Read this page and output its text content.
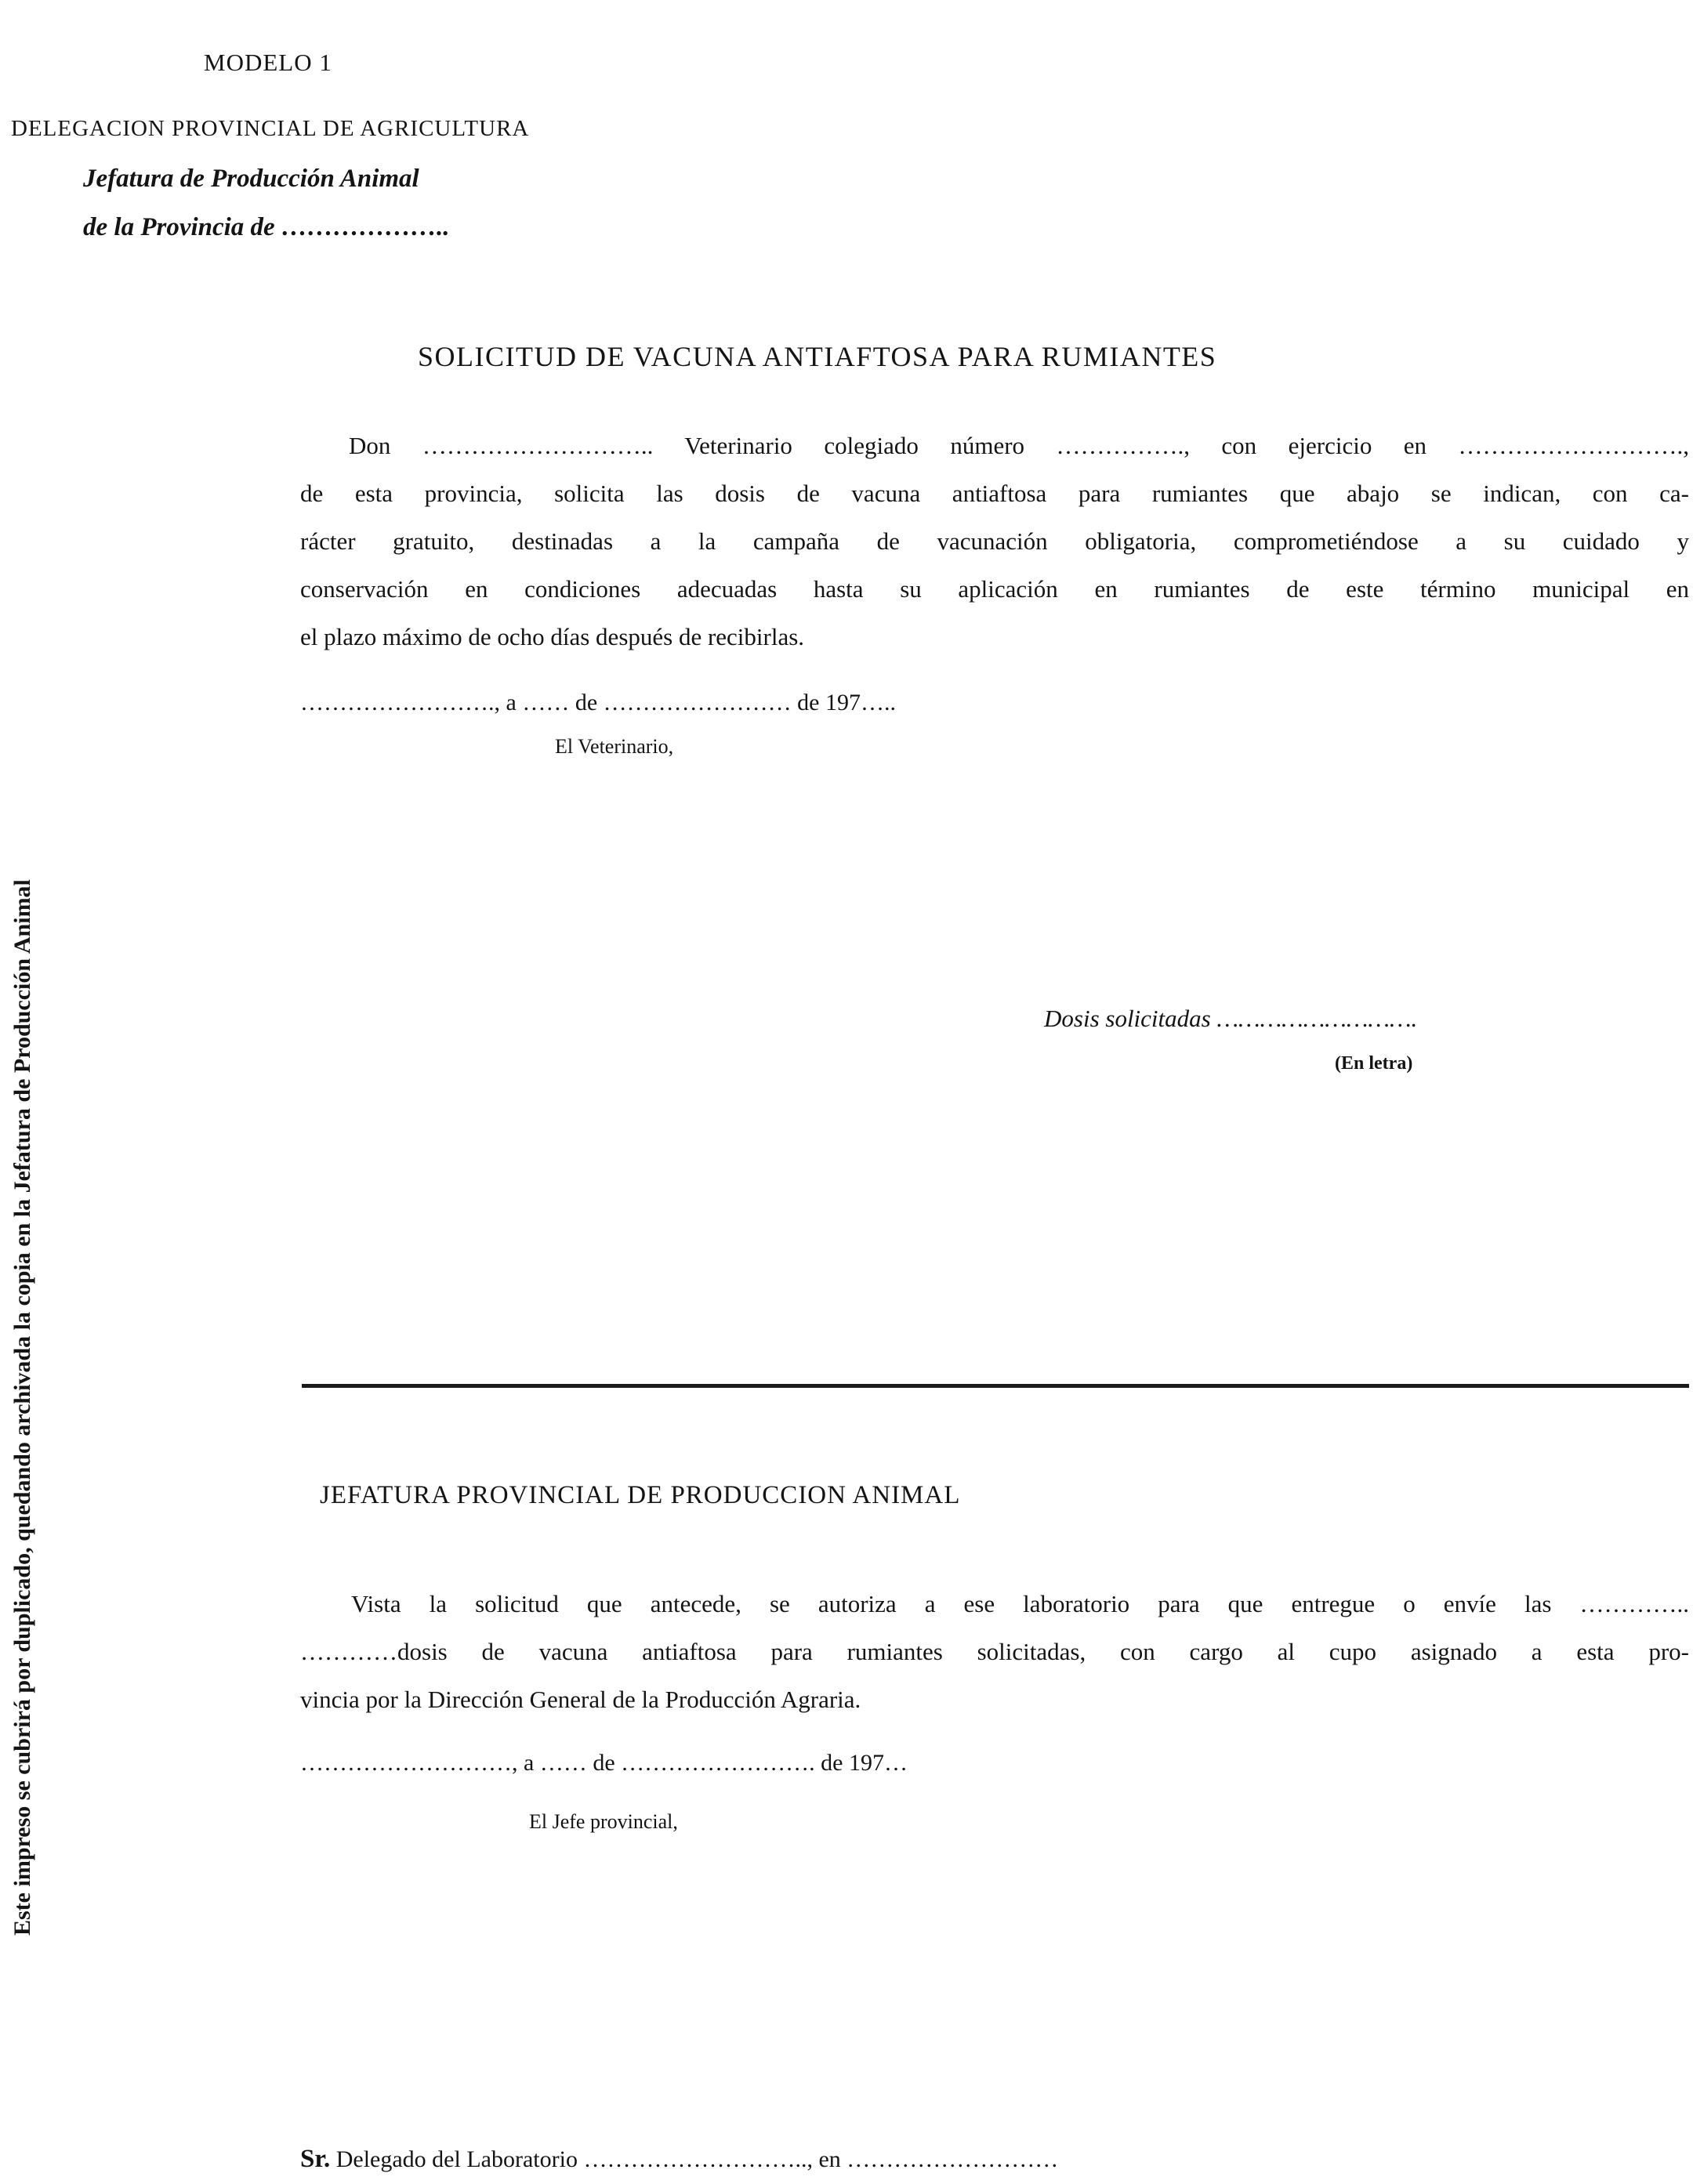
Este impreso se cubrirá por duplicado, quedando archivada la copia en la Jefatura de Producción Animal
MODELO 1
DELEGACION PROVINCIAL DE AGRICULTURA
Jefatura de Producción Animal
de la Provincia de ………………..
SOLICITUD DE VACUNA ANTIAFTOSA PARA RUMIANTES
Don ……………………….. Veterinario colegiado número ……………., con ejercicio en ……………………….,
de esta provincia, solicita las dosis de vacuna antiaftosa para rumiantes que abajo se indican, con ca-
rácter gratuito, destinadas a la campaña de vacunación obligatoria, comprometiéndose a su cuidado y
conservación en condiciones adecuadas hasta su aplicación en rumiantes de este término municipal en
el plazo máximo de ocho días después de recibirlas.
……………………., a …… de …………………… de 197…..
El Veterinario,
Dosis solicitadas ……………………….
(En letra)
JEFATURA PROVINCIAL DE PRODUCCION ANIMAL
Vista la solicitud que antecede, se autoriza a ese laboratorio para que entregue o envíe las …………..
…………dosis de vacuna antiaftosa para rumiantes solicitadas, con cargo al cupo asignado a esta pro-
vincia por la Dirección General de la Producción Agraria.
………………………, a …… de ……………………. de 197…
El Jefe provincial,
Sr. Delegado del Laboratorio ……………………….., en ………………………
